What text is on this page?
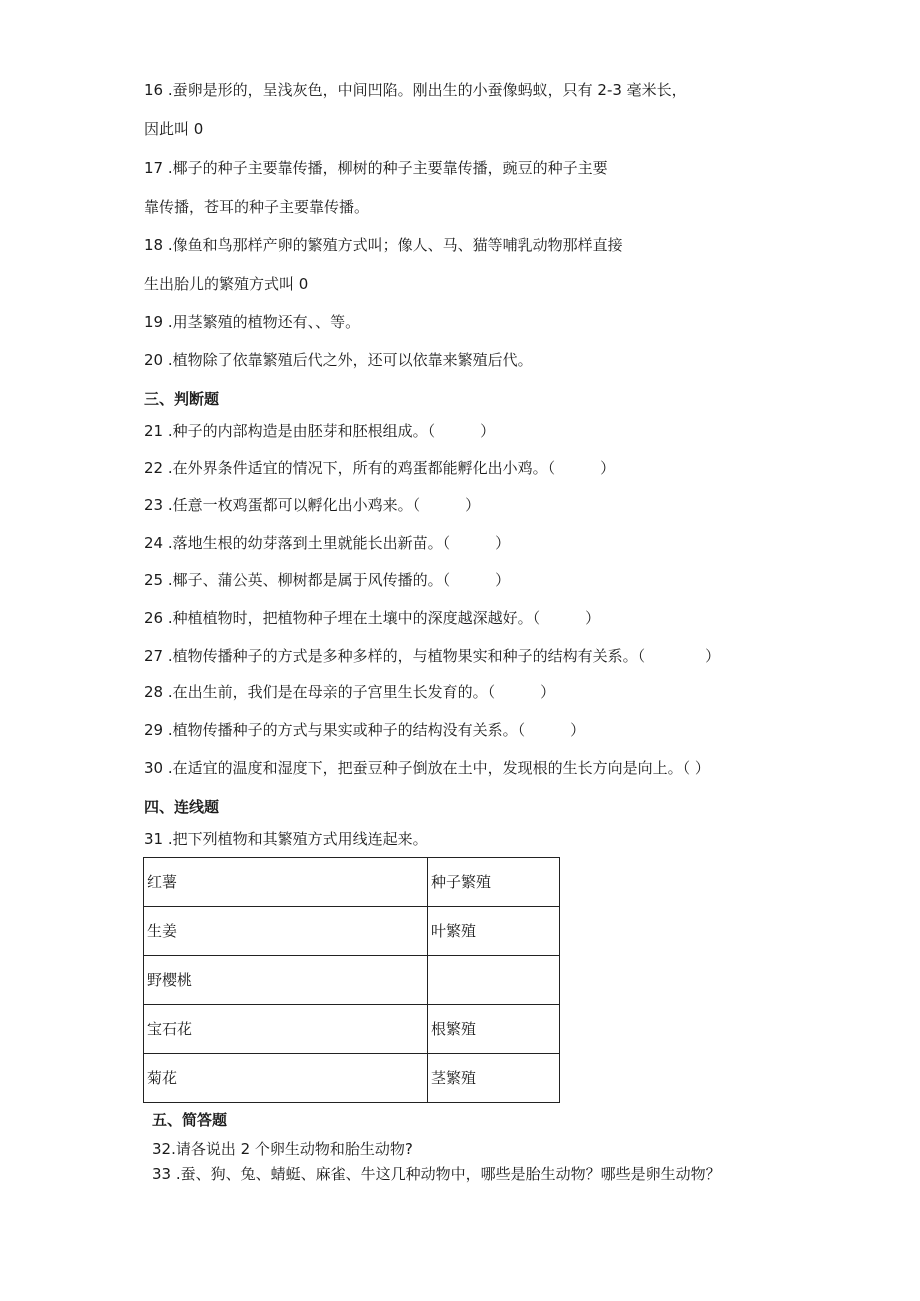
16 .蚕卵是形的，呈浅灰色，中间凹陷。刚出生的小蚕像蚂蚁，只有 2-3 毫米长，
因此叫 0
17 .椰子的种子主要靠传播，柳树的种子主要靠传播，豌豆的种子主要
靠传播，苍耳的种子主要靠传播。
18 .像鱼和鸟那样产卵的繁殖方式叫；像人、马、猫等哺乳动物那样直接
生出胎儿的繁殖方式叫 0
19 .用茎繁殖的植物还有、、等。
20 .植物除了依靠繁殖后代之外，还可以依靠来繁殖后代。
三、判断题
21 .种子的内部构造是由胚芽和胚根组成。（　　　）
22 .在外界条件适宜的情况下，所有的鸡蛋都能孵化出小鸡。（　　　）
23 .任意一枚鸡蛋都可以孵化出小鸡来。（　　　）
24 .落地生根的幼芽落到土里就能长出新苗。（　　　）
25 .椰子、蒲公英、柳树都是属于风传播的。（　　　）
26 .种植植物时，把植物种子埋在土壤中的深度越深越好。（　　　）
27 .植物传播种子的方式是多种多样的，与植物果实和种子的结构有关系。（　　　　）
28 .在出生前，我们是在母亲的子宫里生长发育的。（　　　）
29 .植物传播种子的方式与果实或种子的结构没有关系。（　　　）
30 .在适宜的温度和湿度下，把蚕豆种子倒放在土中，发现根的生长方向是向上。（ ）
四、连线题
31 .把下列植物和其繁殖方式用线连起来。
红薯	种子繁殖
生姜	叶繁殖
野樱桃	
宝石花	根繁殖
菊花	茎繁殖
五、简答题
32.请各说出 2 个卵生动物和胎生动物?
33 .蚕、狗、兔、蜻蜓、麻雀、牛这几种动物中，哪些是胎生动物？哪些是卵生动物？
